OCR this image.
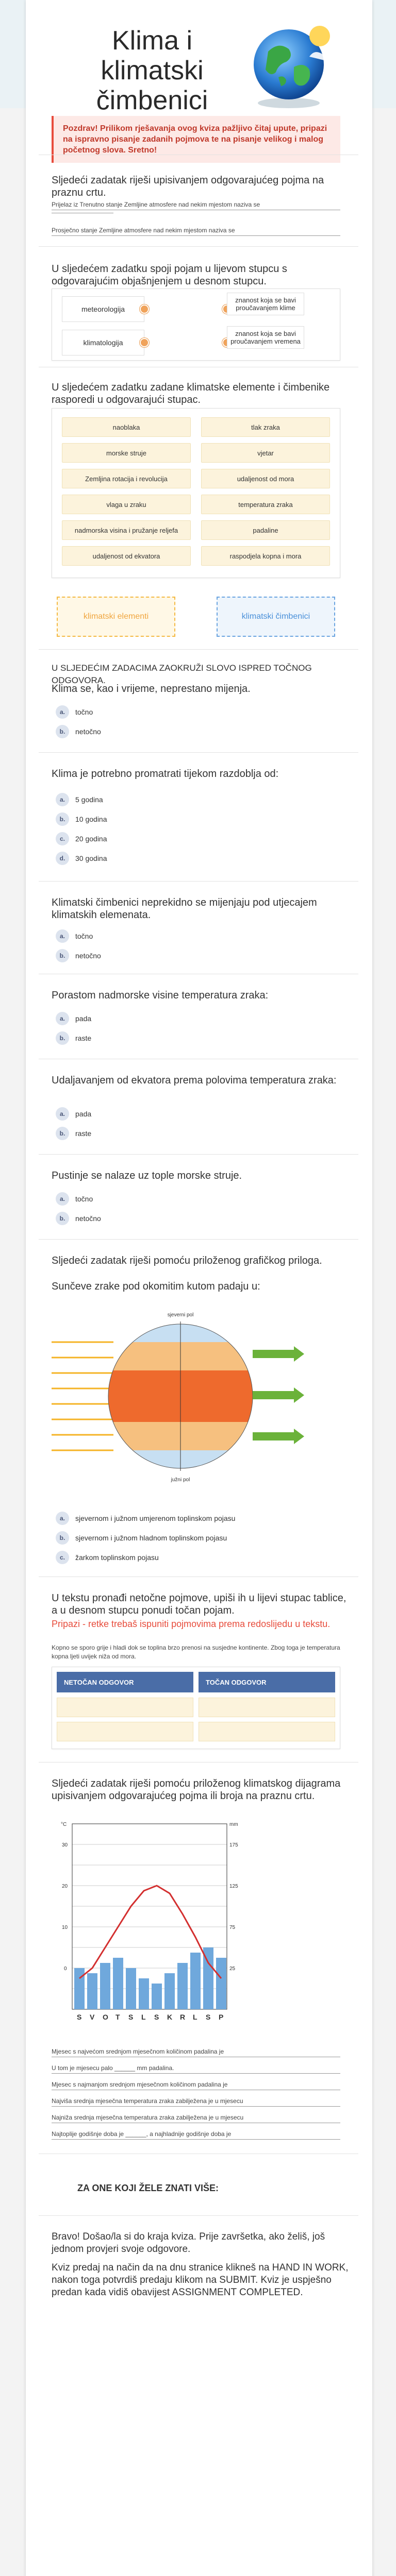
Klima i klimatski čimbenici
Pozdrav! Prilikom rješavanja ovog kviza pažljivo čitaj upute, pripazi na ispravno pisanje zadanih pojmova te na pisanje velikog i malog početnog slova. Sretno!
Sljedeći zadatak riješi upisivanjem odgovarajućeg pojma na praznu crtu.
Prijelaz iz Trenutno stanje Zemljine atmosfere nad nekim mjestom naziva se
Prosječno stanje Zemljine atmosfere nad nekim mjestom naziva se
U sljedećem zadatku spoji pojam u lijevom stupcu s odgovarajućim objašnjenjem u desnom stupcu.
meteorologija
klimatologija
znanost koja se bavi proučavanjem klime
znanost koja se bavi proučavanjem vremena
U sljedećem zadatku zadane klimatske elemente i čimbenike rasporedi u odgovarajući stupac.
naoblaka	tlak zraka
morske struje	vjetar
Zemljina rotacija i revolucija	udaljenost od mora
vlaga u zraku	temperatura zraka
nadmorska visina i pružanje reljefa	padaline
udaljenost od ekvatora	raspodjela kopna i mora
klimatski elementi	klimatski čimbenici
U SLJEDEĆIM ZADACIMA ZAOKRUŽI SLOVO ISPRED TOČNOG ODGOVORA.
Klima se, kao i vrijeme, neprestano mijenja.
a.	točno
b.	netočno
Klima je potrebno promatrati tijekom razdoblja od:
a.	5 godina
b.	10 godina
c.	20 godina
d.	30 godina
Klimatski čimbenici neprekidno se mijenjaju pod utjecajem klimatskih elemenata.
a.	točno
b.	netočno
Porastom nadmorske visine temperatura zraka:
a.	pada
b.	raste
Udaljavanjem od ekvatora prema polovima temperatura zraka:
a.	pada
b.	raste
Pustinje se nalaze uz tople morske struje.
a.	točno
b.	netočno
Sljedeći zadatak riješi pomoću priloženog grafičkog priloga.
Sunčeve zrake pod okomitim kutom padaju u:
sjeverni pol
južni pol
a.	sjevernom i južnom umjerenom toplinskom pojasu
b.	sjevernom i južnom hladnom toplinskom pojasu
c.	žarkom toplinskom pojasu
U tekstu pronađi netočne pojmove, upiši ih u lijevi stupac tablice, a u desnom stupcu ponudi točan pojam.
Pripazi - retke trebaš ispuniti pojmovima prema redoslijedu u tekstu.
Kopno se sporo grije i hladi dok se toplina brzo prenosi na susjedne kontinente. Zbog toga je temperatura kopna ljeti uvijek niža od mora.
NETOČAN ODGOVOR	TOČAN ODGOVOR
Sljedeći zadatak riješi pomoću priloženog klimatskog dijagrama upisivanjem odgovarajućeg pojma ili broja na praznu crtu.
°C	mm
30
20
10
0
175
125
75
25
S V O T S L S K R L S P
Mjesec s najvećom srednjom mjesečnom količinom padalina je
U tom je mjesecu palo ______ mm padalina.
Mjesec s najmanjom srednjom mjesečnom količinom padalina je
Najviša srednja mjesečna temperatura zraka zabilježena je u mjesecu
Najniža srednja mjesečna temperatura zraka zabilježena je u mjesecu
Najtoplije godišnje doba je ______, a najhladnije godišnje doba je
ZA ONE KOJI ŽELE ZNATI VIŠE:
Bravo! Došao/la si do kraja kviza. Prije završetka, ako želiš, još jednom provjeri svoje odgovore.
Kviz predaj na način da na dnu stranice klikneš na HAND IN WORK, nakon toga potvrdiš predaju klikom na SUBMIT. Kviz je uspješno predan kada vidiš obavijest ASSIGNMENT COMPLETED.
